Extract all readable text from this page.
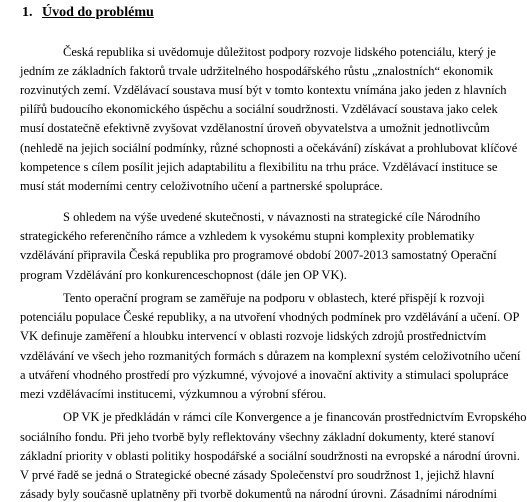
1. Úvod do problému
Česká republika si uvědomuje důležitost podpory rozvoje lidského potenciálu, který je
jedním ze základních faktorů trvale udržitelného hospodářského růstu „znalostních“ ekonomik
rozvinutých zemí. Vzdělávací soustava musí být v tomto kontextu vnímána jako jeden z hlavních
pilířů budoucího ekonomického úspěchu a sociální soudržnosti. Vzdělávací soustava jako celek
musí dostatečně efektivně zvyšovat vzdělanostní úroveň obyvatelstva a umožnit jednotlivcům
(nehledě na jejich sociální podmínky, různé schopnosti a očekávání) získávat a prohlubovat klíčové
kompetence s cílem posílit jejich adaptabilitu a flexibilitu na trhu práce. Vzdělávací instituce se
musí stát moderními centry celoživotního učení a partnerské spolupráce.
S ohledem na výše uvedené skutečnosti, v návaznosti na strategické cíle Národního
strategického referenčního rámce a vzhledem k vysokému stupni komplexity problematiky
vzdělávání připravila Česká republika pro programové období 2007-2013 samostatný Operační
program Vzdělávání pro konkurenceschopnost (dále jen OP VK).
Tento operační program se zaměřuje na podporu v oblastech, které přispějí k rozvoji
potenciálu populace České republiky, a na utvoření vhodných podmínek pro vzdělávání a učení. OP
VK definuje zaměření a hloubku intervencí v oblasti rozvoje lidských zdrojů prostřednictvím
vzdělávání ve všech jeho rozmanitých formách s důrazem na komplexní systém celoživotního učení
a utváření vhodného prostředí pro výzkumné, vývojové a inovační aktivity a stimulaci spolupráce
mezi vzdělávacími institucemi, výzkumnou a výrobní sférou.
OP VK je předkládán v rámci cíle Konvergence a je financován prostřednictvím Evropského
sociálního fondu. Při jeho tvorbě byly reflektovány všechny základní dokumenty, které stanoví
základní priority v oblasti politiky hospodářské a sociální soudržnosti na evropské a národní úrovni.
V prvé řadě se jedná o Strategické obecné zásady Společenství pro soudržnost 1, jejichž hlavní
zásady byly současně uplatněny při tvorbě dokumentů na národní úrovni. Zásadními národními
